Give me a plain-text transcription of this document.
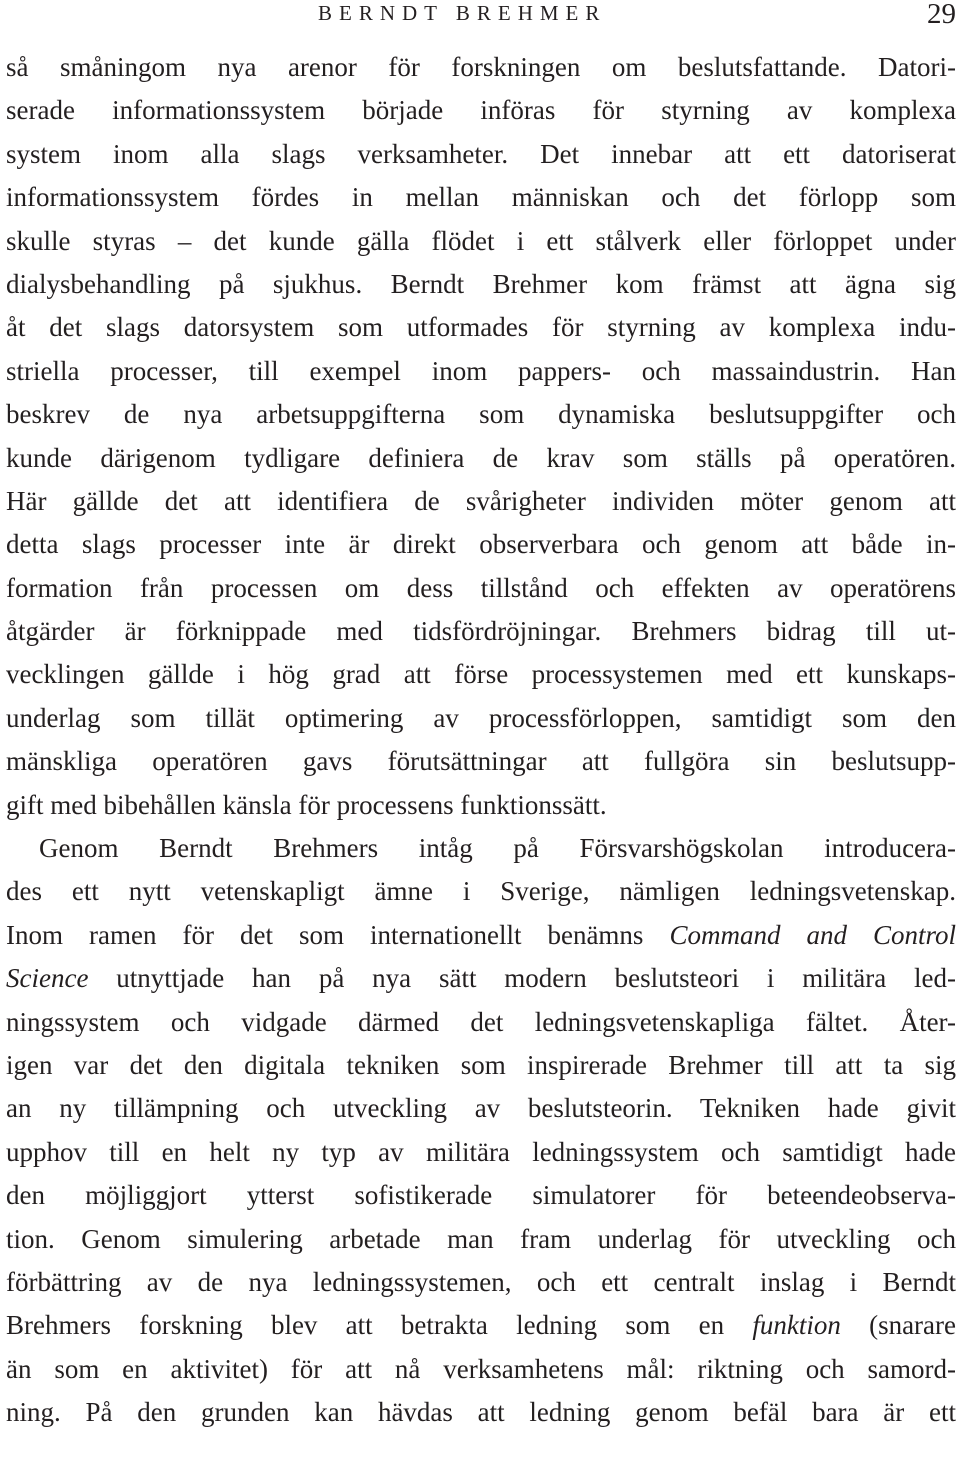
BERNDT BREHMER	29
så småningom nya arenor för forskningen om beslutsfattande. Datori-
serade informationssystem började införas för styrning av komplexa
system inom alla slags verksamheter. Det innebar att ett datoriserat
informationssystem fördes in mellan människan och det förlopp som
skulle styras – det kunde gälla flödet i ett stålverk eller förloppet under
dialysbehandling på sjukhus. Berndt Brehmer kom främst att ägna sig
åt det slags datorsystem som utformades för styrning av komplexa indu-
striella processer, till exempel inom pappers- och massaindustrin. Han
beskrev de nya arbetsuppgifterna som dynamiska beslutsuppgifter och
kunde därigenom tydligare definiera de krav som ställs på operatören.
Här gällde det att identifiera de svårigheter individen möter genom att
detta slags processer inte är direkt observerbara och genom att både in-
formation från processen om dess tillstånd och effekten av operatörens
åtgärder är förknippade med tidsfördröjningar. Brehmers bidrag till ut-
vecklingen gällde i hög grad att förse processystemen med ett kunskaps-
underlag som tillät optimering av processförloppen, samtidigt som den
mänskliga operatören gavs förutsättningar att fullgöra sin beslutsupp-
gift med bibehållen känsla för processens funktionssätt.
Genom Berndt Brehmers intåg på Försvarshögskolan introducera-
des ett nytt vetenskapligt ämne i Sverige, nämligen ledningsvetenskap.
Inom ramen för det som internationellt benämns Command and Control
Science utnyttjade han på nya sätt modern beslutsteori i militära led-
ningssystem och vidgade därmed det ledningsvetenskapliga fältet. Åter-
igen var det den digitala tekniken som inspirerade Brehmer till att ta sig
an ny tillämpning och utveckling av beslutsteorin. Tekniken hade givit
upphov till en helt ny typ av militära ledningssystem och samtidigt hade
den möjliggjort ytterst sofistikerade simulatorer för beteendeobserva-
tion. Genom simulering arbetade man fram underlag för utveckling och
förbättring av de nya ledningssystemen, och ett centralt inslag i Berndt
Brehmers forskning blev att betrakta ledning som en funktion (snarare
än som en aktivitet) för att nå verksamhetens mål: riktning och samord-
ning. På den grunden kan hävdas att ledning genom befäl bara är ett
